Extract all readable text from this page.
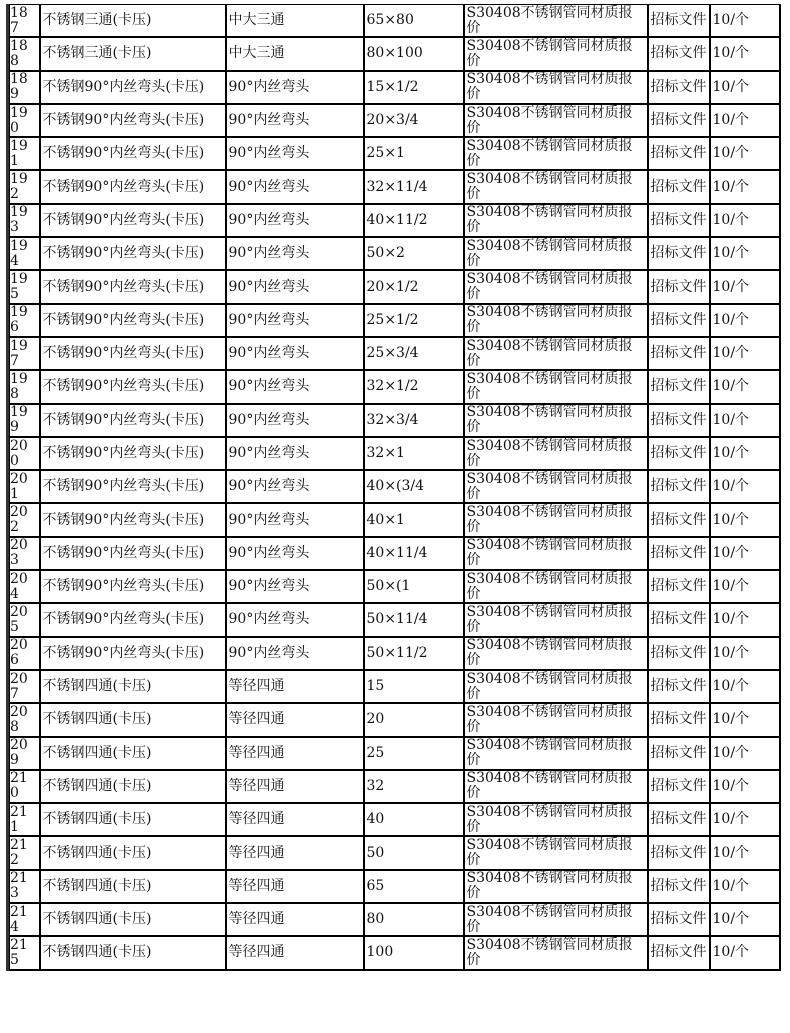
187	不锈钢三通(卡压)	中大三通	65×80	S30408不锈钢管同材质报价	招标文件	10/个
188	不锈钢三通(卡压)	中大三通	80×100	S30408不锈钢管同材质报价	招标文件	10/个
189	不锈钢90°内丝弯头(卡压)	90°内丝弯头	15×1/2	S30408不锈钢管同材质报价	招标文件	10/个
190	不锈钢90°内丝弯头(卡压)	90°内丝弯头	20×3/4	S30408不锈钢管同材质报价	招标文件	10/个
191	不锈钢90°内丝弯头(卡压)	90°内丝弯头	25×1	S30408不锈钢管同材质报价	招标文件	10/个
192	不锈钢90°内丝弯头(卡压)	90°内丝弯头	32×11/4	S30408不锈钢管同材质报价	招标文件	10/个
193	不锈钢90°内丝弯头(卡压)	90°内丝弯头	40×11/2	S30408不锈钢管同材质报价	招标文件	10/个
194	不锈钢90°内丝弯头(卡压)	90°内丝弯头	50×2	S30408不锈钢管同材质报价	招标文件	10/个
195	不锈钢90°内丝弯头(卡压)	90°内丝弯头	20×1/2	S30408不锈钢管同材质报价	招标文件	10/个
196	不锈钢90°内丝弯头(卡压)	90°内丝弯头	25×1/2	S30408不锈钢管同材质报价	招标文件	10/个
197	不锈钢90°内丝弯头(卡压)	90°内丝弯头	25×3/4	S30408不锈钢管同材质报价	招标文件	10/个
198	不锈钢90°内丝弯头(卡压)	90°内丝弯头	32×1/2	S30408不锈钢管同材质报价	招标文件	10/个
199	不锈钢90°内丝弯头(卡压)	90°内丝弯头	32×3/4	S30408不锈钢管同材质报价	招标文件	10/个
200	不锈钢90°内丝弯头(卡压)	90°内丝弯头	32×1	S30408不锈钢管同材质报价	招标文件	10/个
201	不锈钢90°内丝弯头(卡压)	90°内丝弯头	40×(3/4	S30408不锈钢管同材质报价	招标文件	10/个
202	不锈钢90°内丝弯头(卡压)	90°内丝弯头	40×1	S30408不锈钢管同材质报价	招标文件	10/个
203	不锈钢90°内丝弯头(卡压)	90°内丝弯头	40×11/4	S30408不锈钢管同材质报价	招标文件	10/个
204	不锈钢90°内丝弯头(卡压)	90°内丝弯头	50×(1	S30408不锈钢管同材质报价	招标文件	10/个
205	不锈钢90°内丝弯头(卡压)	90°内丝弯头	50×11/4	S30408不锈钢管同材质报价	招标文件	10/个
206	不锈钢90°内丝弯头(卡压)	90°内丝弯头	50×11/2	S30408不锈钢管同材质报价	招标文件	10/个
207	不锈钢四通(卡压)	等径四通	15	S30408不锈钢管同材质报价	招标文件	10/个
208	不锈钢四通(卡压)	等径四通	20	S30408不锈钢管同材质报价	招标文件	10/个
209	不锈钢四通(卡压)	等径四通	25	S30408不锈钢管同材质报价	招标文件	10/个
210	不锈钢四通(卡压)	等径四通	32	S30408不锈钢管同材质报价	招标文件	10/个
211	不锈钢四通(卡压)	等径四通	40	S30408不锈钢管同材质报价	招标文件	10/个
212	不锈钢四通(卡压)	等径四通	50	S30408不锈钢管同材质报价	招标文件	10/个
213	不锈钢四通(卡压)	等径四通	65	S30408不锈钢管同材质报价	招标文件	10/个
214	不锈钢四通(卡压)	等径四通	80	S30408不锈钢管同材质报价	招标文件	10/个
215	不锈钢四通(卡压)	等径四通	100	S30408不锈钢管同材质报价	招标文件	10/个
